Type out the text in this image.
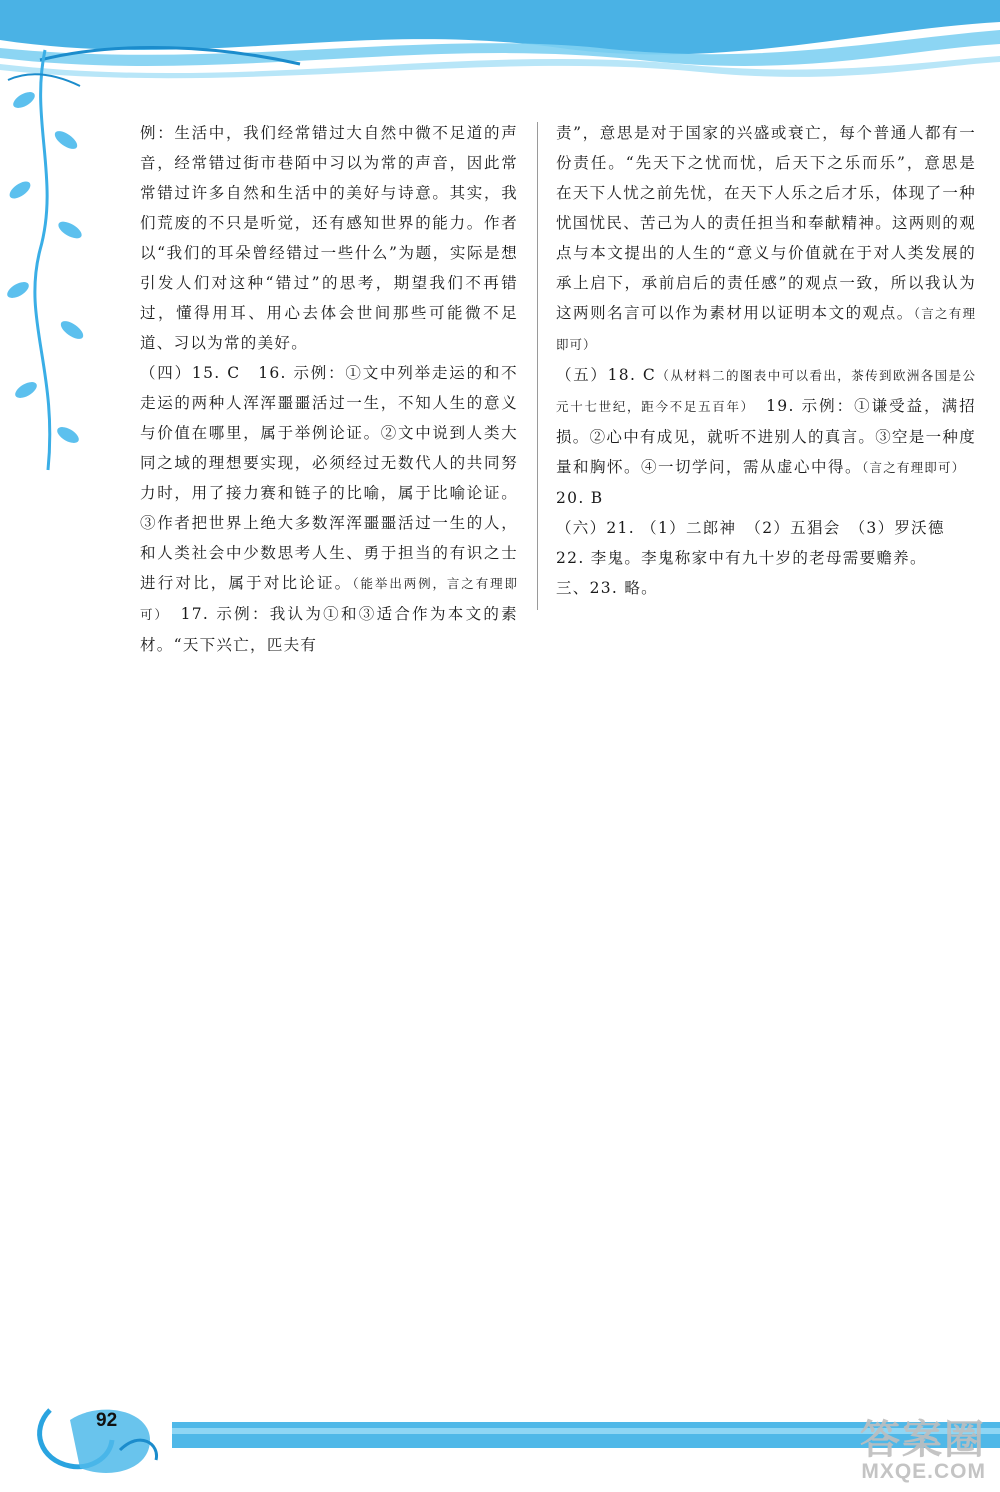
例：生活中，我们经常错过大自然中微不足道的声音，经常错过街市巷陌中习以为常的声音，因此常常错过许多自然和生活中的美好与诗意。其实，我们荒废的不只是听觉，还有感知世界的能力。作者以“我们的耳朵曾经错过一些什么”为题，实际是想引发人们对这种“错过”的思考，期望我们不再错过，懂得用耳、用心去体会世间那些可能微不足道、习以为常的美好。

（四）15. C　16. 示例：①文中列举走运的和不走运的两种人浑浑噩噩活过一生，不知人生的意义与价值在哪里，属于举例论证。②文中说到人类大同之域的理想要实现，必须经过无数代人的共同努力时，用了接力赛和链子的比喻，属于比喻论证。③作者把世界上绝大多数浑浑噩噩活过一生的人，和人类社会中少数思考人生、勇于担当的有识之士进行对比，属于对比论证。（能举出两例，言之有理即可）　17. 示例：我认为①和③适合作为本文的素材。“天下兴亡，匹夫有

责”，意思是对于国家的兴盛或衰亡，每个普通人都有一份责任。“先天下之忧而忧，后天下之乐而乐”，意思是在天下人忧之前先忧，在天下人乐之后才乐，体现了一种忧国忧民、苦己为人的责任担当和奉献精神。这两则的观点与本文提出的人生的“意义与价值就在于对人类发展的承上启下，承前启后的责任感”的观点一致，所以我认为这两则名言可以作为素材用以证明本文的观点。（言之有理即可）

（五）18. C（从材料二的图表中可以看出，茶传到欧洲各国是公元十七世纪，距今不足五百年）　19. 示例：①谦受益，满招损。②心中有成见，就听不进别人的真言。③空是一种度量和胸怀。④一切学问，需从虚心中得。（言之有理即可）　20. B

（六）21. （1）二郎神　（2）五猖会　（3）罗沃德

22. 李鬼。李鬼称家中有九十岁的老母需要赡养。

三、23. 略。

92	答案圈
MXQE.COM
